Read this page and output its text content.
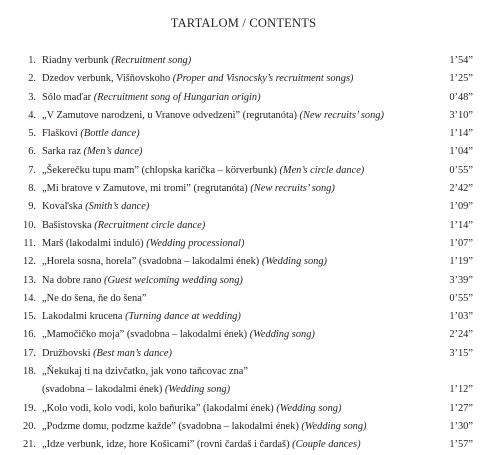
TARTALOM / CONTENTS
1. Riadny verbunk (Recruitment song)	1’54”
2. Dzedov verbunk, Višňovskoho (Proper and Visnocsky’s recruitment songs)	1’25”
3. Sólo maďar (Recruitment song of Hungarian origin)	0’48”
4. „V Zamutove narodzeni, u Vranove odvedzeni” (regrutanóta) (New recruits’ song)	3’10”
5. Flaškovi (Bottle dance)	1’14”
6. Sarka raz (Men’s dance)	1’04”
7. „Šekerečku tupu mam” (chlopska karička – körverbunk) (Men’s circle dance)	0’55”
8. „Mi bratove v Zamutove, mi tromi” (regrutanóta) (New recruits’ song)	2’42”
9. Kovaľska (Smith’s dance)	1’09”
10. Bašistovska (Recruitment circle dance)	1’14”
11. Marš (lakodalmi induló) (Wedding processional)	1’07”
12. „Horela sosna, horela” (svadobna – lakodalmi ének) (Wedding song)	1’19”
13. Na dobre rano (Guest welcoming wedding song)	3’39”
14. „Ne do šena, ňe do šena”	0’55”
15. Lakodalmi krucena (Turning dance at wedding)	1’03”
16. „Mamočičko moja” (svadobna – lakodalmi ének) (Wedding song)	2’24”
17. Družbovski (Best man’s dance)	3’15”
18. „Ňekukaj ti na dzivčatko, jak vono taňcovac zna”
(svadobna – lakodalmi ének) (Wedding song)	1’12”
19. „Kolo vodi, kolo vodi, kolo baňurika” (lakodalmi ének) (Wedding song)	1’27”
20. „Podzme domu, podzme každe” (svadobna – lakodalmi ének) (Wedding song)	1’30”
21. „Idze verbunk, idze, hore Košicami” (rovni čardaš i čardaš) (Couple dances)	1’57”
